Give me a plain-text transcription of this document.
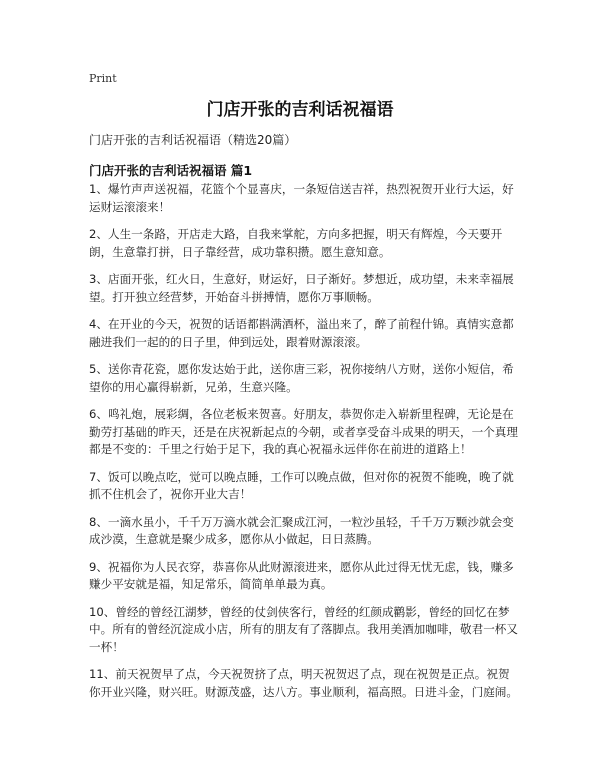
Print
门店开张的吉利话祝福语

门店开张的吉利话祝福语（精选20篇）

门店开张的吉利话祝福语 篇1

1、爆竹声声送祝福，花篮个个显喜庆，一条短信送吉祥，热烈祝贺开业行大运，好运财运滚滚来！

2、人生一条路，开店走大路，自我来掌舵，方向多把握，明天有辉煌，今天要开朗，生意靠打拼，日子靠经营，成功靠积攒。愿生意知意。

3、店面开张，红火日，生意好，财运好，日子渐好。梦想近，成功望，未来幸福展望。打开独立经营梦，开始奋斗拼搏情，愿你万事顺畅。

4、在开业的今天，祝贺的话语都斟满酒杯，溢出来了，醉了前程什锦。真情实意都融进我们一起的的日子里，伸到远处，跟着财源滚滚。

5、送你青花瓷，愿你发达始于此，送你唐三彩，祝你接纳八方财，送你小短信，希望你的用心赢得崭新，兄弟，生意兴隆。

6、鸣礼炮，展彩绸，各位老板来贺喜。好朋友，恭贺你走入崭新里程碑，无论是在勤劳打基础的昨天，还是在庆祝新起点的今朝，或者享受奋斗成果的明天，一个真理都是不变的：千里之行始于足下，我的真心祝福永远伴你在前进的道路上！

7、饭可以晚点吃，觉可以晚点睡，工作可以晚点做，但对你的祝贺不能晚，晚了就抓不住机会了，祝你开业大吉！

8、一滴水虽小，千千万万滴水就会汇聚成江河，一粒沙虽轻，千千万万颗沙就会变成沙漠，生意就是聚少成多，愿你从小做起，日日蒸腾。

9、祝福你为人民衣穿，恭喜你从此财源滚进来，愿你从此过得无忧无虑，钱，赚多赚少平安就是福，知足常乐，简简单单最为真。

10、曾经的曾经江湖梦，曾经的仗剑侠客行，曾经的红颜成鹳影，曾经的回忆在梦中。所有的曾经沉淀成小店，所有的朋友有了落脚点。我用美酒加咖啡，敬君一杯又一杯！

11、前天祝贺早了点，今天祝贺挤了点，明天祝贺迟了点，现在祝贺是正点。祝贺你开业兴隆，财兴旺。财源茂盛，达八方。事业顺利，福高照。日进斗金，门庭闹。
